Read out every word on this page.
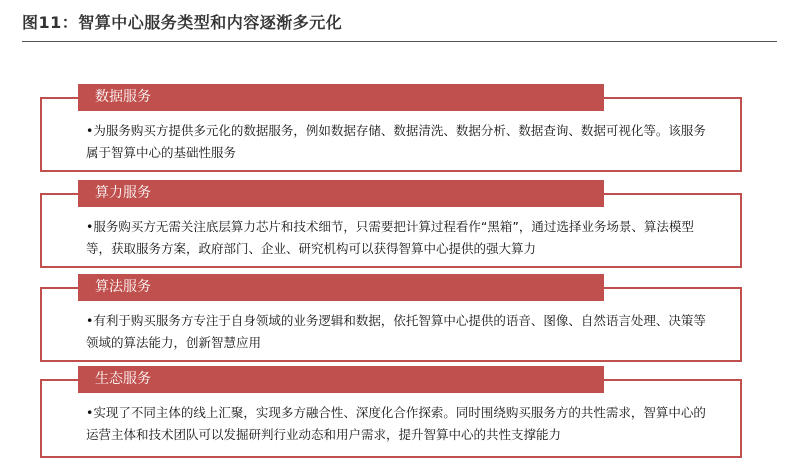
图11：智算中心服务类型和内容逐渐多元化
数据服务
•为服务购买方提供多元化的数据服务，例如数据存储、数据清洗、数据分析、数据查询、数据可视化等。该服务属于智算中心的基础性服务
算力服务
•服务购买方无需关注底层算力芯片和技术细节，只需要把计算过程看作“黑箱”，通过选择业务场景、算法模型等，获取服务方案，政府部门、企业、研究机构可以获得智算中心提供的强大算力
算法服务
•有利于购买服务方专注于自身领域的业务逻辑和数据，依托智算中心提供的语音、图像、自然语言处理、决策等领域的算法能力，创新智慧应用
生态服务
•实现了不同主体的线上汇聚，实现多方融合性、深度化合作探索。同时围绕购买服务方的共性需求，智算中心的运营主体和技术团队可以发掘研判行业动态和用户需求，提升智算中心的共性支撑能力
